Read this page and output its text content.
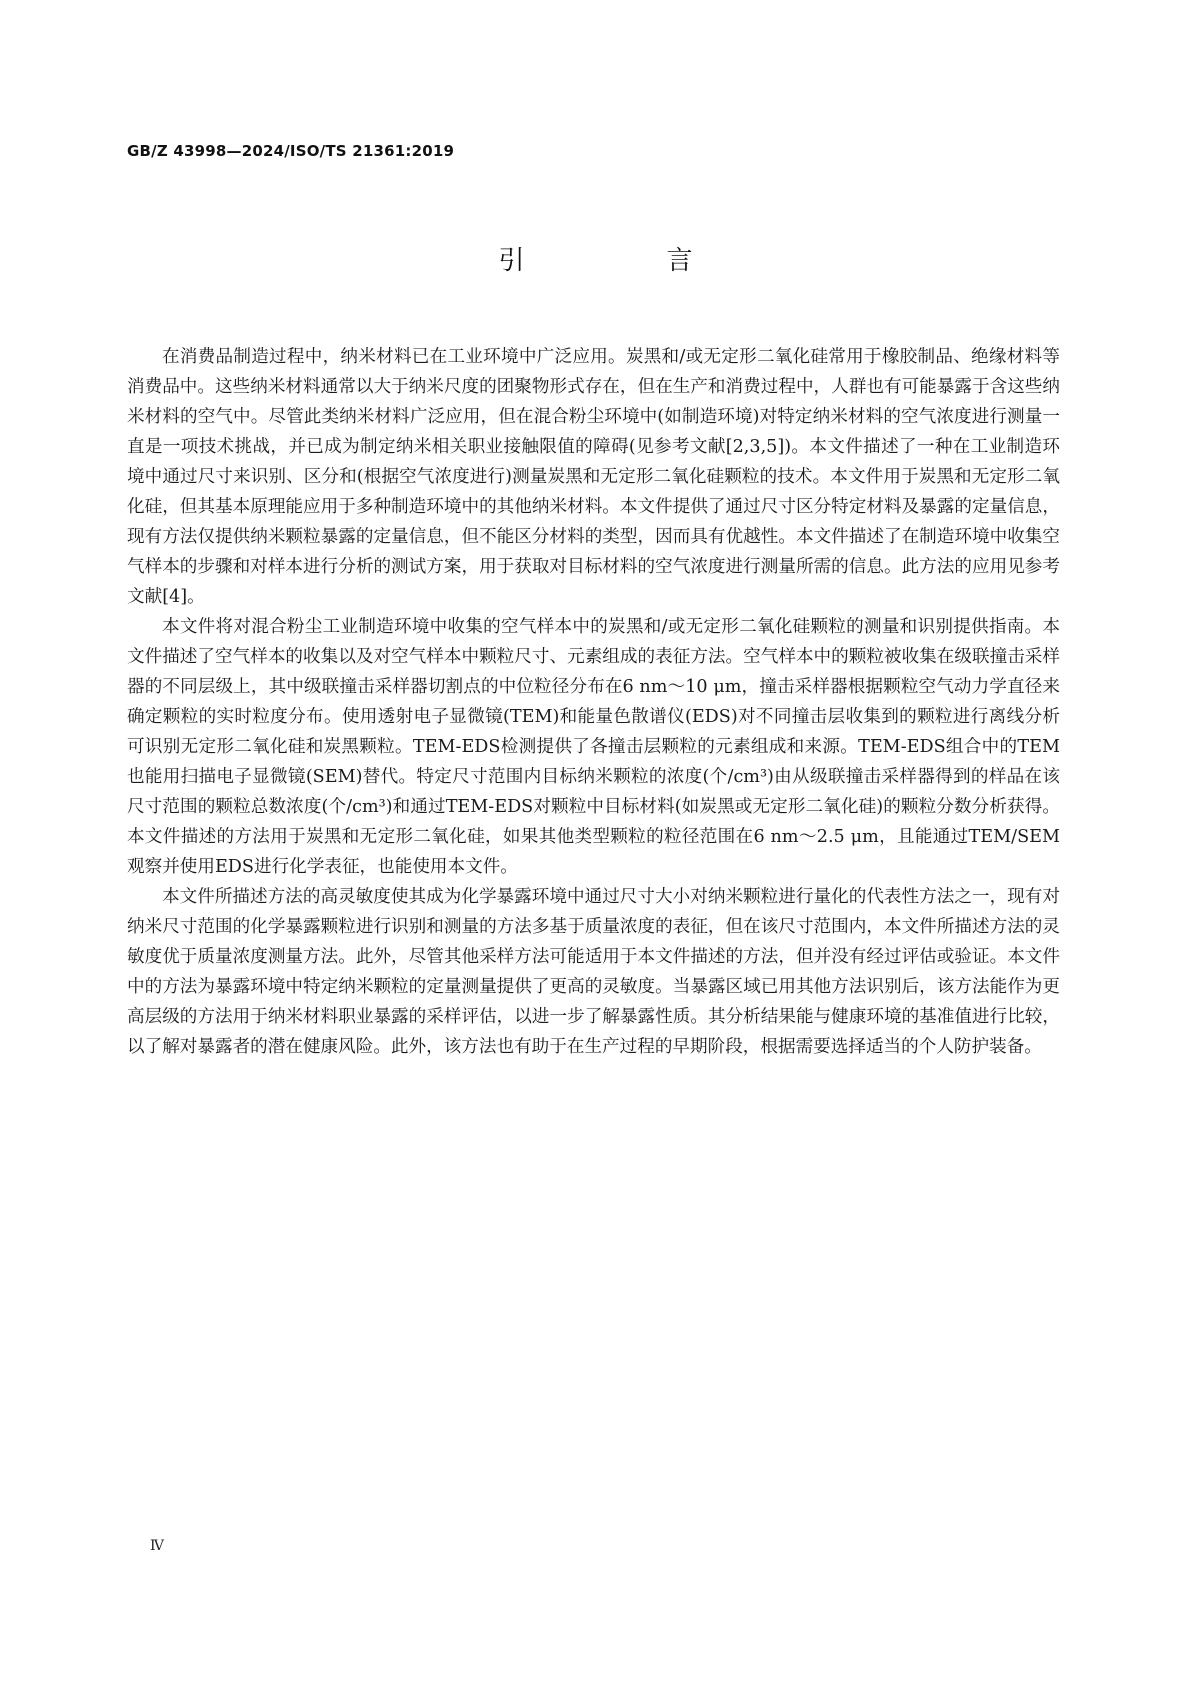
GB/Z 43998—2024/ISO/TS 21361:2019
引　言

在消费品制造过程中，纳米材料已在工业环境中广泛应用。炭黑和/或无定形二氧化硅常用于橡胶制品、绝缘材料等消费品中。这些纳米材料通常以大于纳米尺度的团聚物形式存在，但在生产和消费过程中，人群也有可能暴露于含这些纳米材料的空气中。尽管此类纳米材料广泛应用，但在混合粉尘环境中(如制造环境)对特定纳米材料的空气浓度进行测量一直是一项技术挑战，并已成为制定纳米相关职业接触限值的障碍(见参考文献[2,3,5])。本文件描述了一种在工业制造环境中通过尺寸来识别、区分和(根据空气浓度进行)测量炭黑和无定形二氧化硅颗粒的技术。本文件用于炭黑和无定形二氧化硅，但其基本原理能应用于多种制造环境中的其他纳米材料。本文件提供了通过尺寸区分特定材料及暴露的定量信息，现有方法仅提供纳米颗粒暴露的定量信息，但不能区分材料的类型，因而具有优越性。本文件描述了在制造环境中收集空气样本的步骤和对样本进行分析的测试方案，用于获取对目标材料的空气浓度进行测量所需的信息。此方法的应用见参考文献[4]。

本文件将对混合粉尘工业制造环境中收集的空气样本中的炭黑和/或无定形二氧化硅颗粒的测量和识别提供指南。本文件描述了空气样本的收集以及对空气样本中颗粒尺寸、元素组成的表征方法。空气样本中的颗粒被收集在级联撞击采样器的不同层级上，其中级联撞击采样器切割点的中位粒径分布在6 nm～10 μm，撞击采样器根据颗粒空气动力学直径来确定颗粒的实时粒度分布。使用透射电子显微镜(TEM)和能量色散谱仪(EDS)对不同撞击层收集到的颗粒进行离线分析可识别无定形二氧化硅和炭黑颗粒。TEM-EDS检测提供了各撞击层颗粒的元素组成和来源。TEM-EDS组合中的TEM也能用扫描电子显微镜(SEM)替代。特定尺寸范围内目标纳米颗粒的浓度(个/cm³)由从级联撞击采样器得到的样品在该尺寸范围的颗粒总数浓度(个/cm³)和通过TEM-EDS对颗粒中目标材料(如炭黑或无定形二氧化硅)的颗粒分数分析获得。本文件描述的方法用于炭黑和无定形二氧化硅，如果其他类型颗粒的粒径范围在6 nm～2.5 μm，且能通过TEM/SEM观察并使用EDS进行化学表征，也能使用本文件。

本文件所描述方法的高灵敏度使其成为化学暴露环境中通过尺寸大小对纳米颗粒进行量化的代表性方法之一，现有对纳米尺寸范围的化学暴露颗粒进行识别和测量的方法多基于质量浓度的表征，但在该尺寸范围内，本文件所描述方法的灵敏度优于质量浓度测量方法。此外，尽管其他采样方法可能适用于本文件描述的方法，但并没有经过评估或验证。本文件中的方法为暴露环境中特定纳米颗粒的定量测量提供了更高的灵敏度。当暴露区域已用其他方法识别后，该方法能作为更高层级的方法用于纳米材料职业暴露的采样评估，以进一步了解暴露性质。其分析结果能与健康环境的基准值进行比较，以了解对暴露者的潜在健康风险。此外，该方法也有助于在生产过程的早期阶段，根据需要选择适当的个人防护装备。

Ⅳ
